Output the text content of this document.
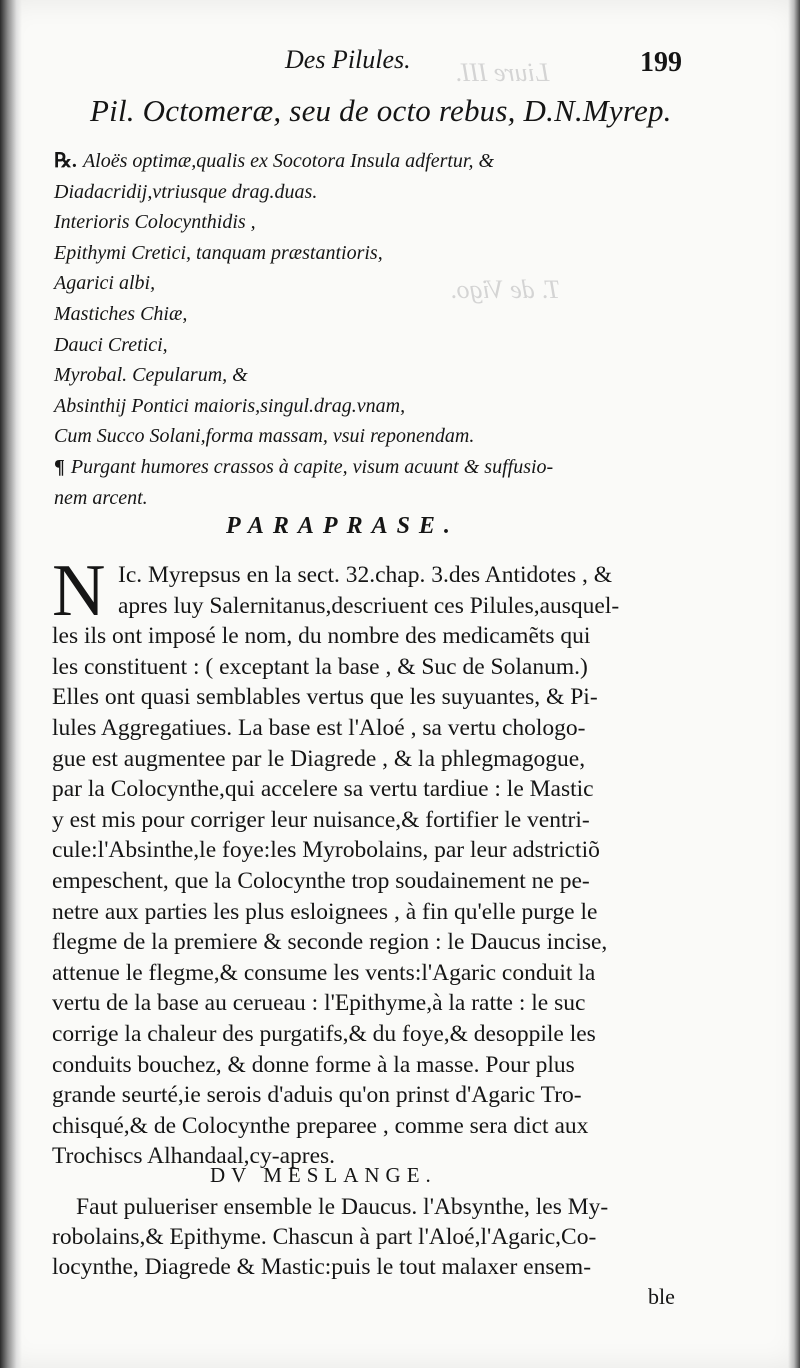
Liure III.
T. de Vigo.
Des Pilules.	199
Pil. Octomeræ, seu de octo rebus, D.N.Myrep.
℞. Aloës optimæ,qualis ex Socotora Insula adfertur, &
Diadacridij,vtriusque drag.duas.
Interioris Colocynthidis ,
Epithymi Cretici, tanquam præstantioris,
Agarici albi,
Mastiches Chiæ,
Dauci Cretici,
Myrobal. Cepularum, &
Absinthij Pontici maioris,singul.drag.vnam,
Cum Succo Solani,forma massam, vsui reponendam.
¶ Purgant humores crassos à capite, visum acuunt & suffusio-
nem arcent.
PARAPRASE.
N Ic. Myrepsus en la sect. 32.chap. 3.des Antidotes , &
apres luy Salernitanus,descriuent ces Pilules,ausquel-
les ils ont imposé le nom, du nombre des medicamẽts qui
les constituent : ( exceptant la base , & Suc de Solanum.)
Elles ont quasi semblables vertus que les suyuantes, & Pi-
lules Aggregatiues. La base est l'Aloé , sa vertu chologo-
gue est augmentee par le Diagrede , & la phlegmagogue,
par la Colocynthe,qui accelere sa vertu tardiue : le Mastic
y est mis pour corriger leur nuisance,& fortifier le ventri-
cule:l'Absinthe,le foye:les Myrobolains, par leur adstrictiõ
empeschent, que la Colocynthe trop soudainement ne pe-
netre aux parties les plus esloignees , à fin qu'elle purge le
flegme de la premiere & seconde region : le Daucus incise,
attenue le flegme,& consume les vents:l'Agaric conduit la
vertu de la base au cerueau : l'Epithyme,à la ratte : le suc
corrige la chaleur des purgatifs,& du foye,& desoppile les
conduits bouchez, & donne forme à la masse. Pour plus
grande seurté,ie serois d'aduis qu'on prinst d'Agaric Tro-
chisqué,& de Colocynthe preparee , comme sera dict aux
Trochiscs Alhandaal,cy-apres.
DV MESLANGE.
Faut pulueriser ensemble le Daucus. l'Absynthe, les My-
robolains,& Epithyme. Chascun à part l'Aloé,l'Agaric,Co-
locynthe, Diagrede & Mastic:puis le tout malaxer ensem-
ble
